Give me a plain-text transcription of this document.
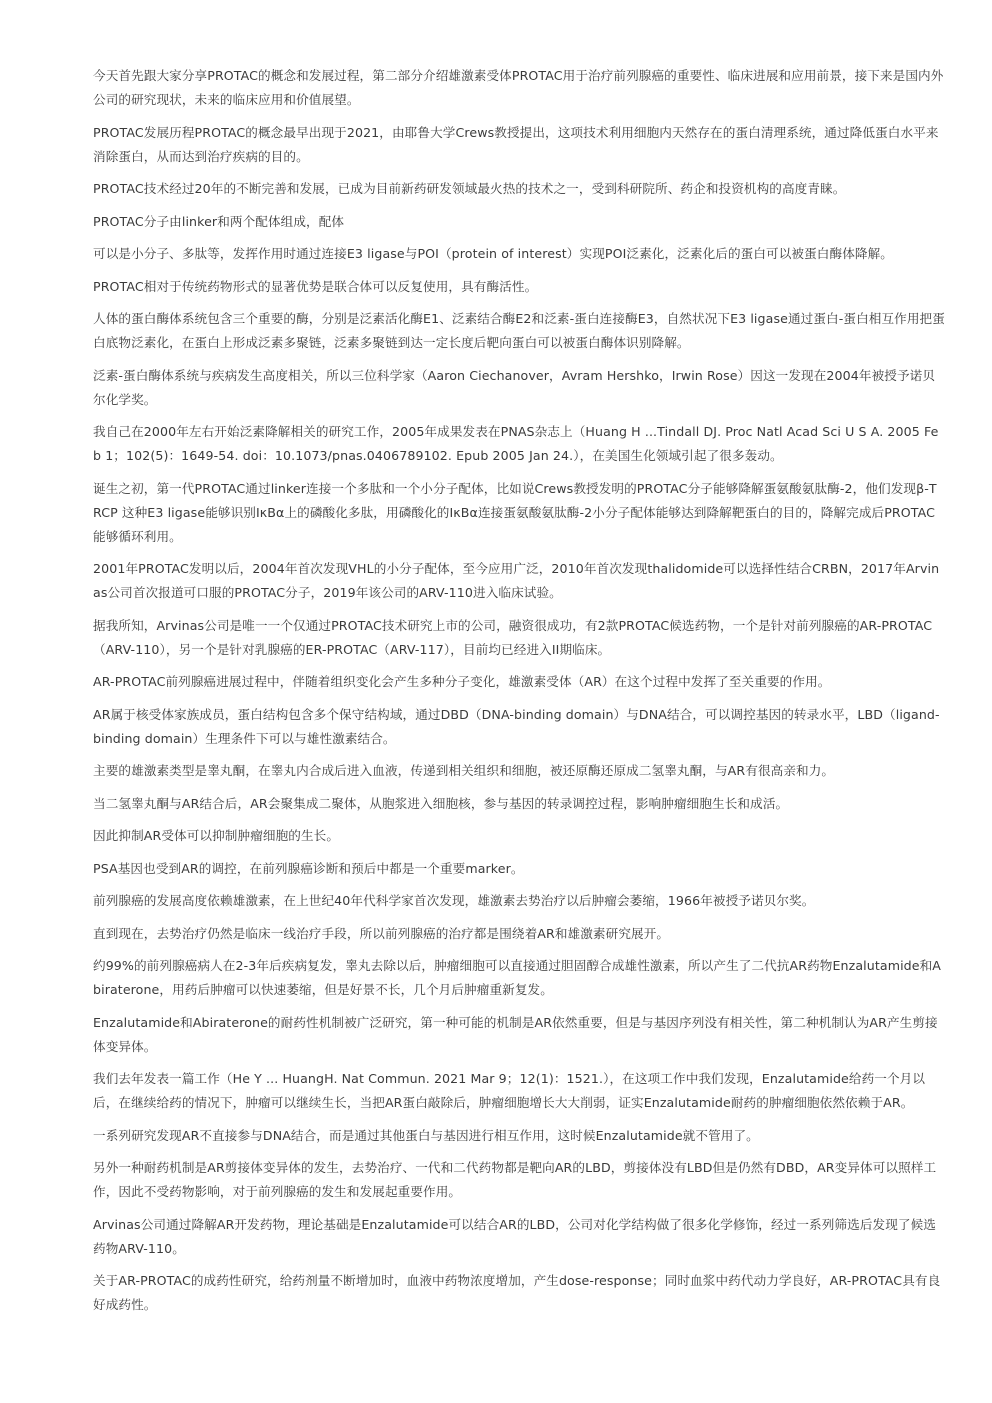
今天首先跟大家分享PROTAC的概念和发展过程，第二部分介绍雄激素受体PROTAC用于治疗前列腺癌的重要性、临床进展和应用前景，接下来是国内外公司的研究现状，未来的临床应用和价值展望。

PROTAC发展历程PROTAC的概念最早出现于2021，由耶鲁大学Crews教授提出，这项技术利用细胞内天然存在的蛋白清理系统，通过降低蛋白水平来消除蛋白，从而达到治疗疾病的目的。

PROTAC技术经过20年的不断完善和发展，已成为目前新药研发领域最火热的技术之一，受到科研院所、药企和投资机构的高度青睐。

PROTAC分子由linker和两个配体组成，配体

可以是小分子、多肽等，发挥作用时通过连接E3 ligase与POI（protein of interest）实现POI泛素化，泛素化后的蛋白可以被蛋白酶体降解。

PROTAC相对于传统药物形式的显著优势是联合体可以反复使用，具有酶活性。

人体的蛋白酶体系统包含三个重要的酶，分别是泛素活化酶E1、泛素结合酶E2和泛素-蛋白连接酶E3，自然状况下E3 ligase通过蛋白-蛋白相互作用把蛋白底物泛素化，在蛋白上形成泛素多聚链，泛素多聚链到达一定长度后靶向蛋白可以被蛋白酶体识别降解。

泛素-蛋白酶体系统与疾病发生高度相关，所以三位科学家（Aaron Ciechanover，Avram Hershko，Irwin Rose）因这一发现在2004年被授予诺贝尔化学奖。

我自己在2000年左右开始泛素降解相关的研究工作，2005年成果发表在PNAS杂志上（Huang H ...Tindall DJ. Proc Natl Acad Sci U S A. 2005 Feb 1；102(5)：1649-54. doi：10.1073/pnas.0406789102. Epub 2005 Jan 24.），在美国生化领域引起了很多轰动。

诞生之初，第一代PROTAC通过linker连接一个多肽和一个小分子配体，比如说Crews教授发明的PROTAC分子能够降解蛋氨酸氨肽酶-2，他们发现β-TRCP 这种E3 ligase能够识别IκBα上的磷酸化多肽，用磷酸化的IκBα连接蛋氨酸氨肽酶-2小分子配体能够达到降解靶蛋白的目的，降解完成后PROTAC能够循环利用。

2001年PROTAC发明以后，2004年首次发现VHL的小分子配体，至今应用广泛，2010年首次发现thalidomide可以选择性结合CRBN，2017年Arvinas公司首次报道可口服的PROTAC分子，2019年该公司的ARV-110进入临床试验。

据我所知，Arvinas公司是唯一一个仅通过PROTAC技术研究上市的公司，融资很成功，有2款PROTAC候选药物，一个是针对前列腺癌的AR-PROTAC（ARV-110），另一个是针对乳腺癌的ER-PROTAC（ARV-117），目前均已经进入II期临床。

AR-PROTAC前列腺癌进展过程中，伴随着组织变化会产生多种分子变化，雄激素受体（AR）在这个过程中发挥了至关重要的作用。

AR属于核受体家族成员，蛋白结构包含多个保守结构域，通过DBD（DNA-binding domain）与DNA结合，可以调控基因的转录水平，LBD（ligand-binding domain）生理条件下可以与雄性激素结合。

主要的雄激素类型是睾丸酮，在睾丸内合成后进入血液，传递到相关组织和细胞，被还原酶还原成二氢睾丸酮，与AR有很高亲和力。

当二氢睾丸酮与AR结合后，AR会聚集成二聚体，从胞浆进入细胞核，参与基因的转录调控过程，影响肿瘤细胞生长和成活。

因此抑制AR受体可以抑制肿瘤细胞的生长。

PSA基因也受到AR的调控，在前列腺癌诊断和预后中都是一个重要marker。

前列腺癌的发展高度依赖雄激素，在上世纪40年代科学家首次发现，雄激素去势治疗以后肿瘤会萎缩，1966年被授予诺贝尔奖。

直到现在，去势治疗仍然是临床一线治疗手段，所以前列腺癌的治疗都是围绕着AR和雄激素研究展开。

约99%的前列腺癌病人在2-3年后疾病复发，睾丸去除以后，肿瘤细胞可以直接通过胆固醇合成雄性激素，所以产生了二代抗AR药物Enzalutamide和Abiraterone，用药后肿瘤可以快速萎缩，但是好景不长，几个月后肿瘤重新复发。

Enzalutamide和Abiraterone的耐药性机制被广泛研究，第一种可能的机制是AR依然重要，但是与基因序列没有相关性，第二种机制认为AR产生剪接体变异体。

我们去年发表一篇工作（He Y ... HuangH. Nat Commun. 2021 Mar 9；12(1)：1521.），在这项工作中我们发现，Enzalutamide给药一个月以后，在继续给药的情况下，肿瘤可以继续生长，当把AR蛋白敲除后，肿瘤细胞增长大大削弱，证实Enzalutamide耐药的肿瘤细胞依然依赖于AR。

一系列研究发现AR不直接参与DNA结合，而是通过其他蛋白与基因进行相互作用，这时候Enzalutamide就不管用了。

另外一种耐药机制是AR剪接体变异体的发生，去势治疗、一代和二代药物都是靶向AR的LBD，剪接体没有LBD但是仍然有DBD，AR变异体可以照样工作，因此不受药物影响，对于前列腺癌的发生和发展起重要作用。

Arvinas公司通过降解AR开发药物，理论基础是Enzalutamide可以结合AR的LBD，公司对化学结构做了很多化学修饰，经过一系列筛选后发现了候选药物ARV-110。

关于AR-PROTAC的成药性研究，给药剂量不断增加时，血液中药物浓度增加，产生dose-response；同时血浆中药代动力学良好，AR-PROTAC具有良好成药性。
